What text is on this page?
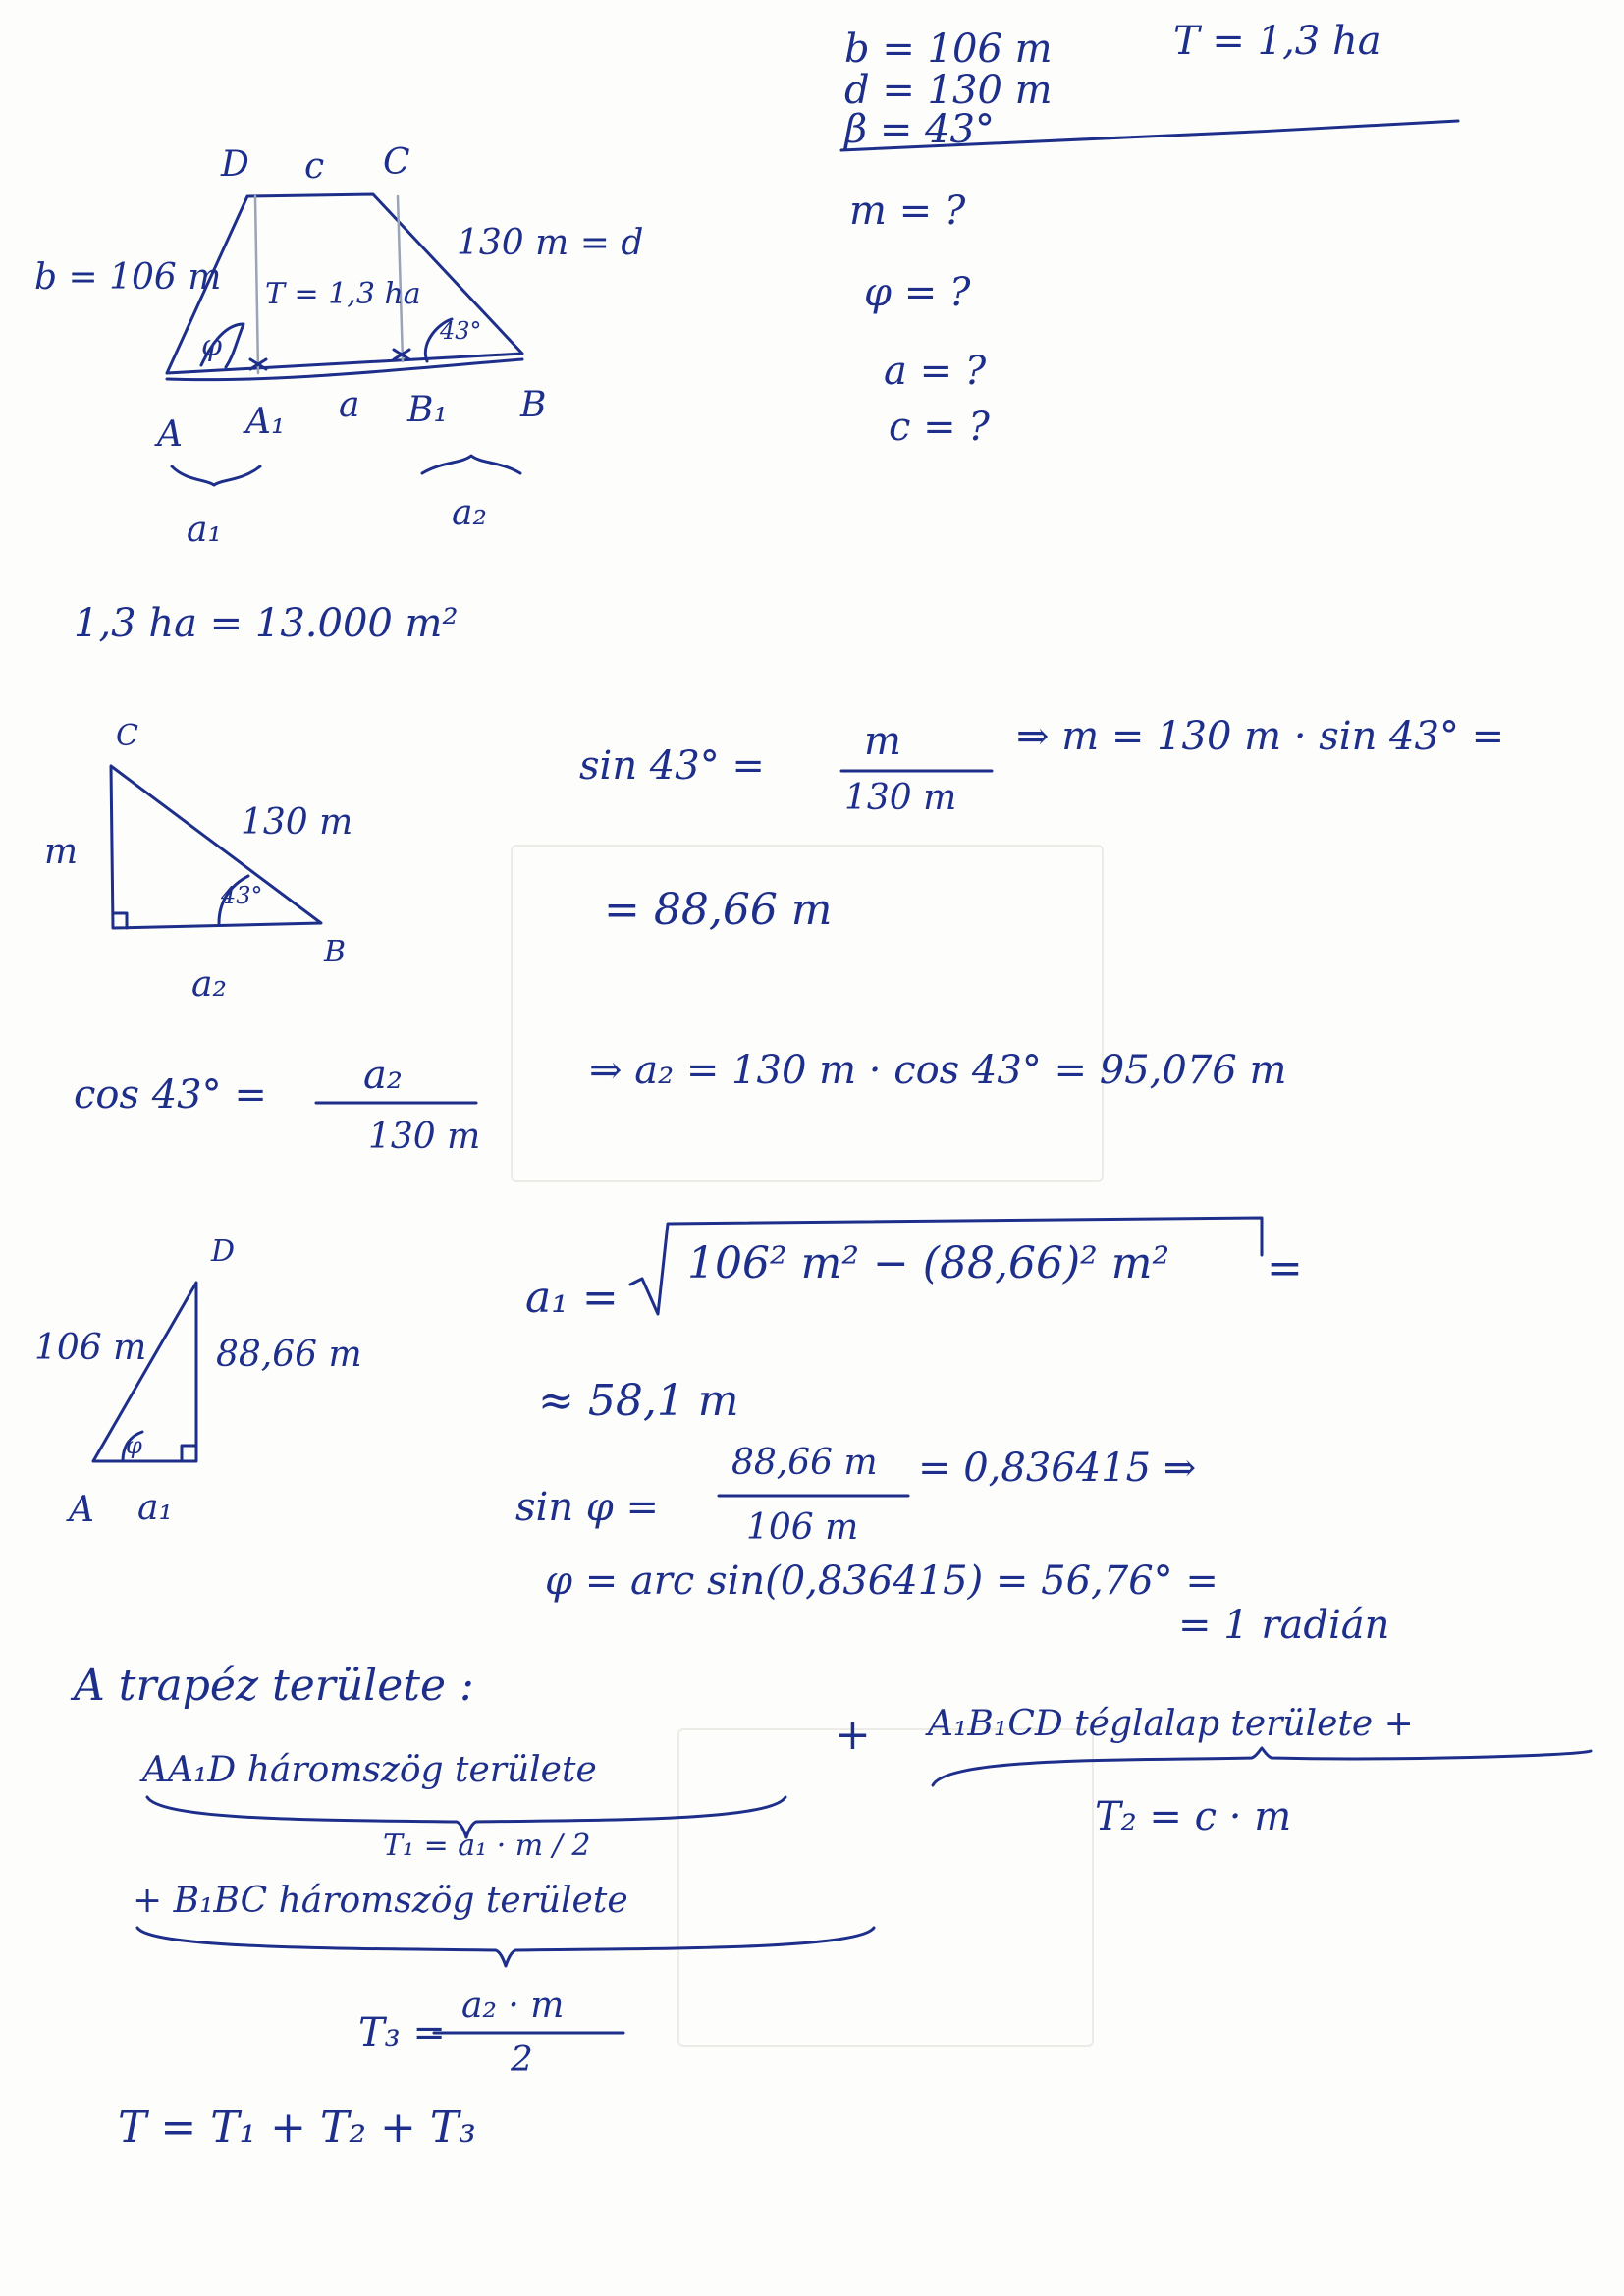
b = 106 m	T = 1,3 ha
d = 130 m
β = 43°
m = ?
φ = ?
a = ?
c = ?
D c C
b = 106 m
130 m = d
T = 1,3 ha
φ	43°
A A₁ a B₁ B
a₁	a₂
1,3 ha = 13.000 m²
C
130 m
m
43°
B
a₂
sin 43° =
m
130 m
⇒ m = 130 m · sin 43° =
= 88,66 m
cos 43° = a₂
130 m
⇒ a₂ = 130 m · cos 43° = 95,076 m
D
106 m 88,66 m
φ
A a₁
a₁ =
106² m² − (88,66)² m² =
≈ 58,1 m
sin φ =
88,66 m
106 m
= 0,836415 ⇒
φ = arc sin(0,836415) = 56,76° =
= 1 radián
A trapéz területe :
AA₁D háromszög területe
+ A₁B₁CD téglalap területe +
T₁ = a₁ · m / 2
T₂ = c · m
+ B₁BC háromszög területe
T₃ =
a₂ · m
2
T = T₁ + T₂ + T₃
